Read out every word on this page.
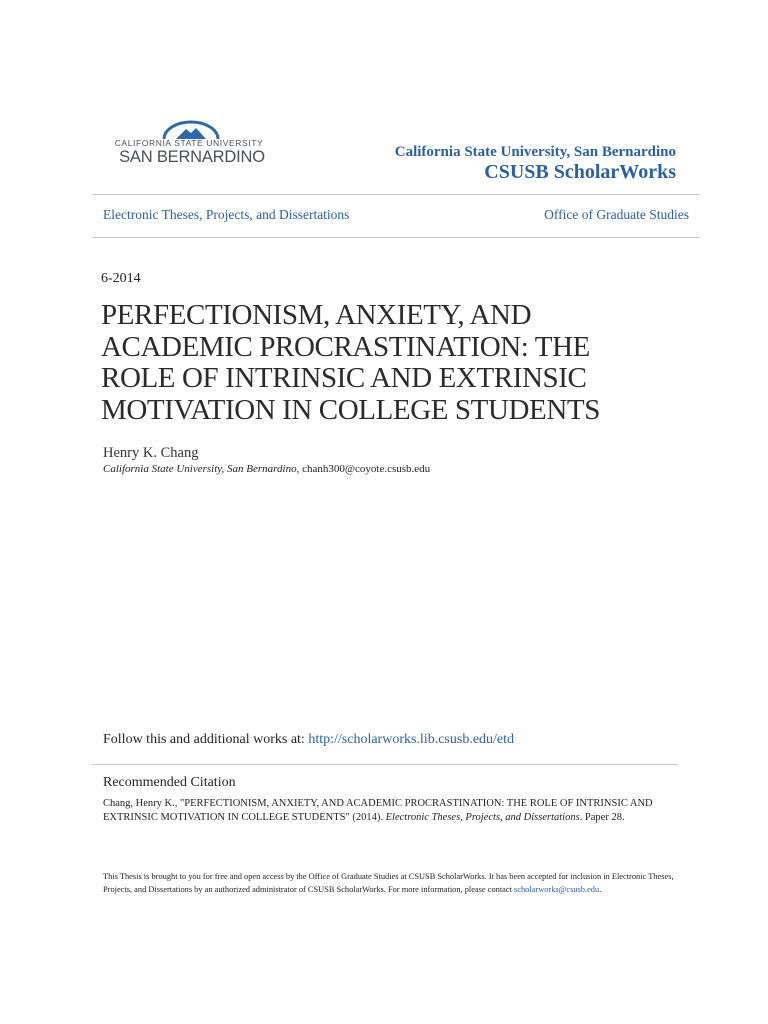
CALIFORNIA STATE UNIVERSITY
SAN BERNARDINO	California State University, San Bernardino
CSUSB ScholarWorks
Electronic Theses, Projects, and Dissertations	Office of Graduate Studies
6-2014
PERFECTIONISM, ANXIETY, AND
ACADEMIC PROCRASTINATION: THE
ROLE OF INTRINSIC AND EXTRINSIC
MOTIVATION IN COLLEGE STUDENTS
Henry K. Chang
California State University, San Bernardino, chanh300@coyote.csusb.edu
Follow this and additional works at: http://scholarworks.lib.csusb.edu/etd
Recommended Citation
Chang, Henry K., "PERFECTIONISM, ANXIETY, AND ACADEMIC PROCRASTINATION: THE ROLE OF INTRINSIC AND EXTRINSIC MOTIVATION IN COLLEGE STUDENTS" (2014). Electronic Theses, Projects, and Dissertations. Paper 28.
This Thesis is brought to you for free and open access by the Office of Graduate Studies at CSUSB ScholarWorks. It has been accepted for inclusion in Electronic Theses, Projects, and Dissertations by an authorized administrator of CSUSB ScholarWorks. For more information, please contact scholarworks@csusb.edu.
